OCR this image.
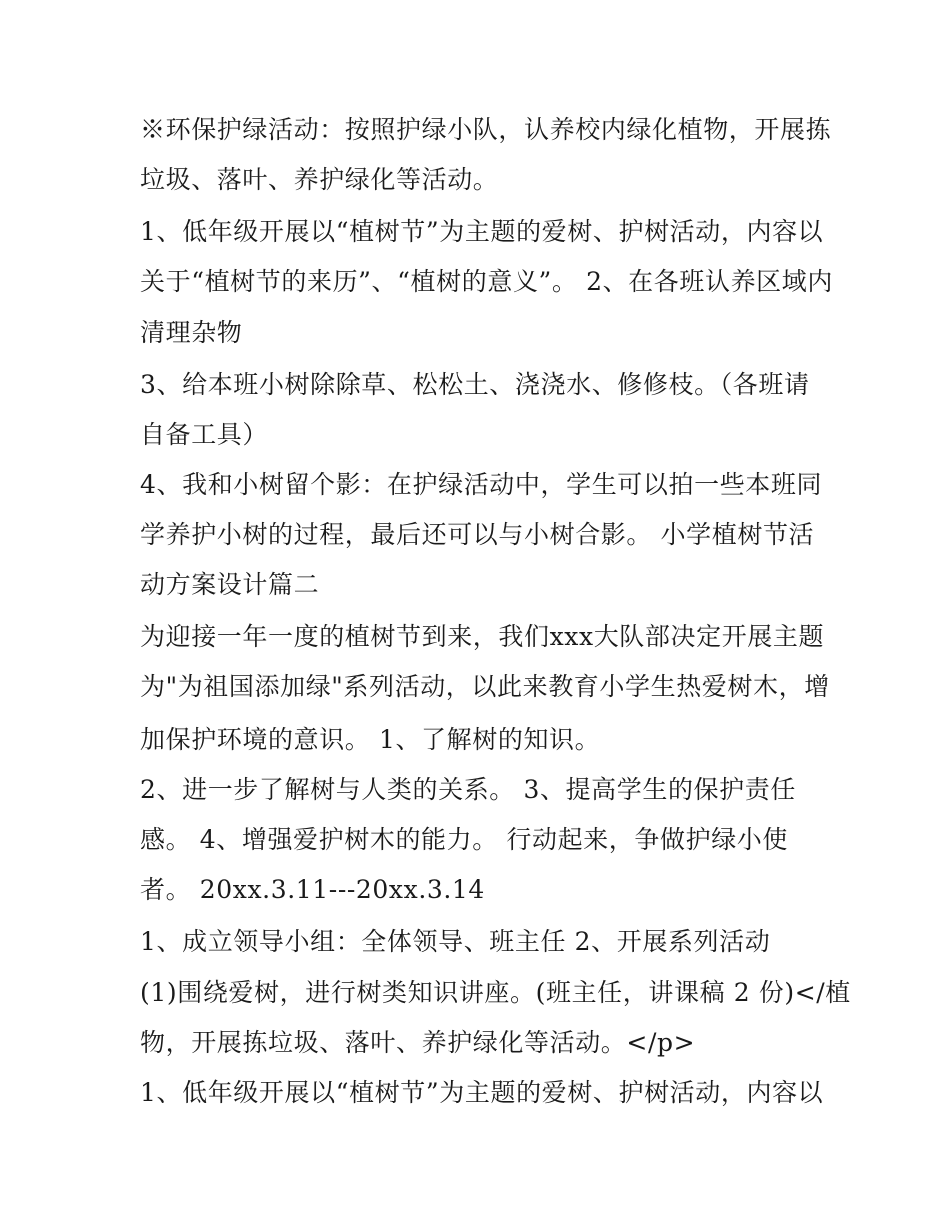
※环保护绿活动：按照护绿小队，认养校内绿化植物，开展拣
垃圾、落叶、养护绿化等活动。
1、低年级开展以“植树节”为主题的爱树、护树活动，内容以
关于“植树节的来历”、“植树的意义”。 2、在各班认养区域内
清理杂物
3、给本班小树除除草、松松土、浇浇水、修修枝。（各班请
自备工具）
4、我和小树留个影：在护绿活动中，学生可以拍一些本班同
学养护小树的过程，最后还可以与小树合影。 小学植树节活
动方案设计篇二
为迎接一年一度的植树节到来，我们xxx大队部决定开展主题
为"为祖国添加绿"系列活动，以此来教育小学生热爱树木，增
加保护环境的意识。 1、了解树的知识。
2、进一步了解树与人类的关系。 3、提高学生的保护责任
感。 4、增强爱护树木的能力。 行动起来，争做护绿小使
者。 20xx.3.11---20xx.3.14
1、成立领导小组：全体领导、班主任 2、开展系列活动
(1)围绕爱树，进行树类知识讲座。(班主任，讲课稿 2 份)</植
物，开展拣垃圾、落叶、养护绿化等活动。</p>
1、低年级开展以“植树节”为主题的爱树、护树活动，内容以
